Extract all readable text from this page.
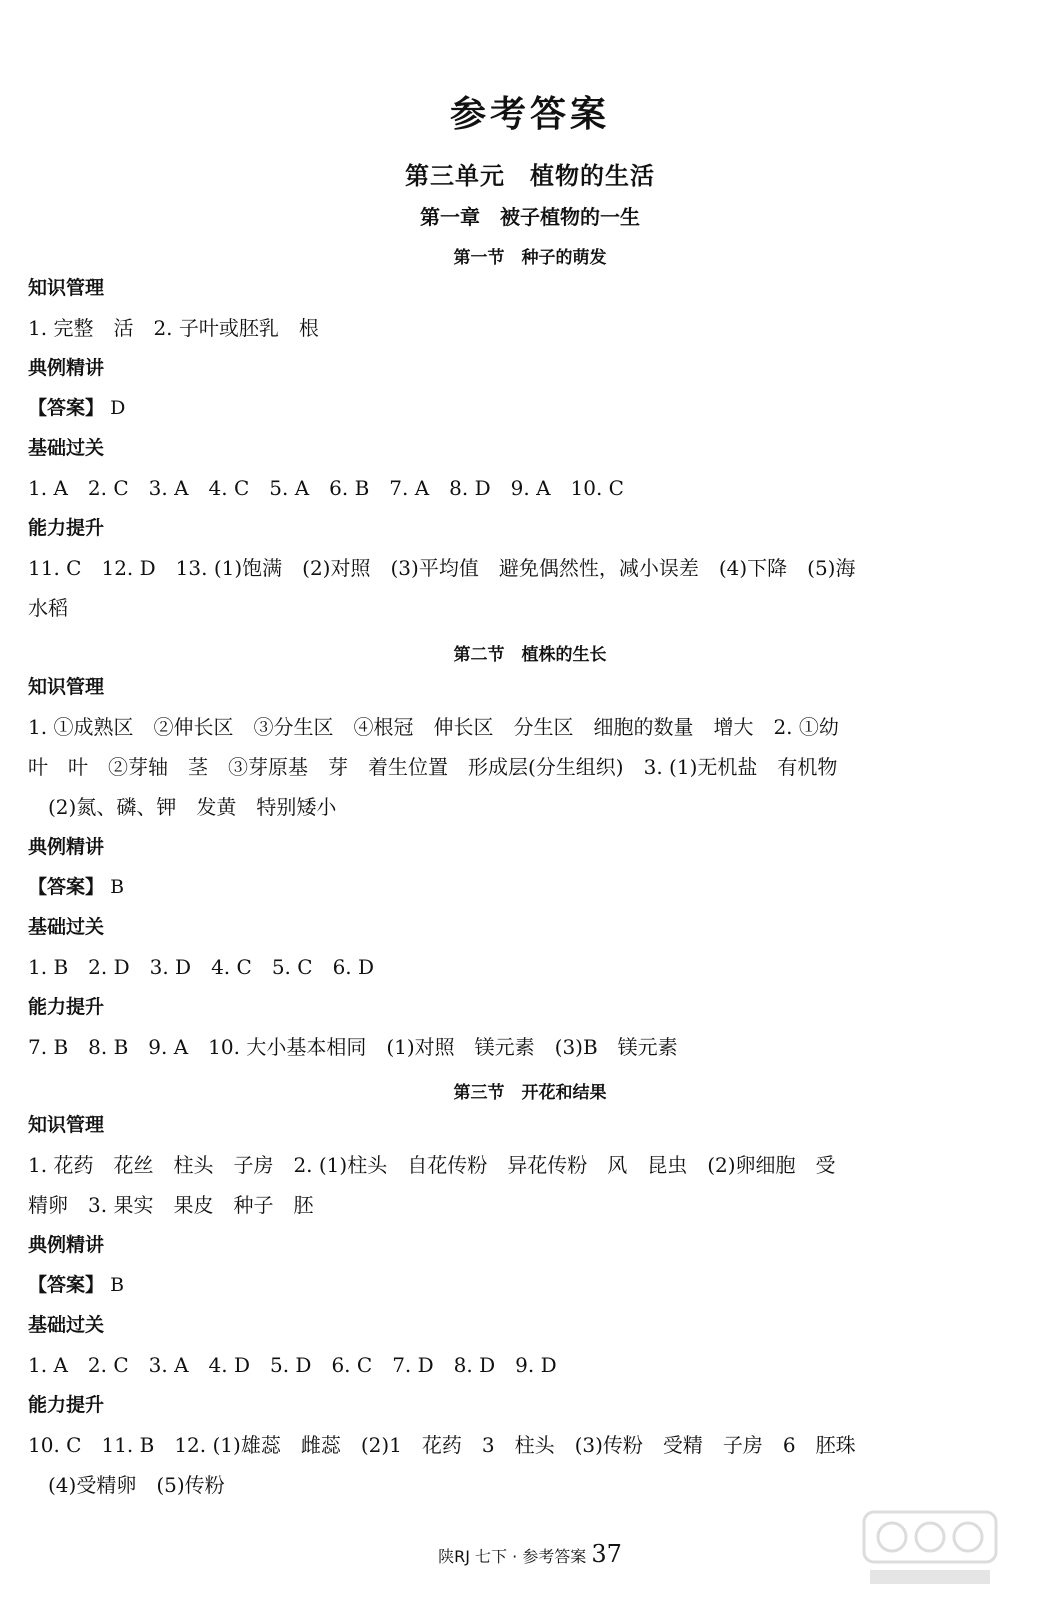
参考答案
第三单元　植物的生活
第一章　被子植物的一生
第一节　种子的萌发
知识管理
1. 完整　活　2. 子叶或胚乳　根
典例精讲
【答案】 D
基础过关
1. A　2. C　3. A　4. C　5. A　6. B　7. A　8. D　9. A　10. C
能力提升
11. C　12. D　13. (1)饱满　(2)对照　(3)平均值　避免偶然性，减小误差　(4)下降　(5)海
水稻
第二节　植株的生长
知识管理
1. ①成熟区　②伸长区　③分生区　④根冠　伸长区　分生区　细胞的数量　增大　2. ①幼
叶　叶　②芽轴　茎　③芽原基　芽　着生位置　形成层(分生组织)　3. (1)无机盐　有机物
　(2)氮、磷、钾　发黄　特别矮小
典例精讲
【答案】 B
基础过关
1. B　2. D　3. D　4. C　5. C　6. D
能力提升
7. B　8. B　9. A　10. 大小基本相同　(1)对照　镁元素　(3)B　镁元素
第三节　开花和结果
知识管理
1. 花药　花丝　柱头　子房　2. (1)柱头　自花传粉　异花传粉　风　昆虫　(2)卵细胞　受
精卵　3. 果实　果皮　种子　胚
典例精讲
【答案】 B
基础过关
1. A　2. C　3. A　4. D　5. D　6. C　7. D　8. D　9. D
能力提升
10. C　11. B　12. (1)雄蕊　雌蕊　(2)1　花药　3　柱头　(3)传粉　受精　子房　6　胚珠
　(4)受精卵　(5)传粉
陕RJ 七下 · 参考答案 37
